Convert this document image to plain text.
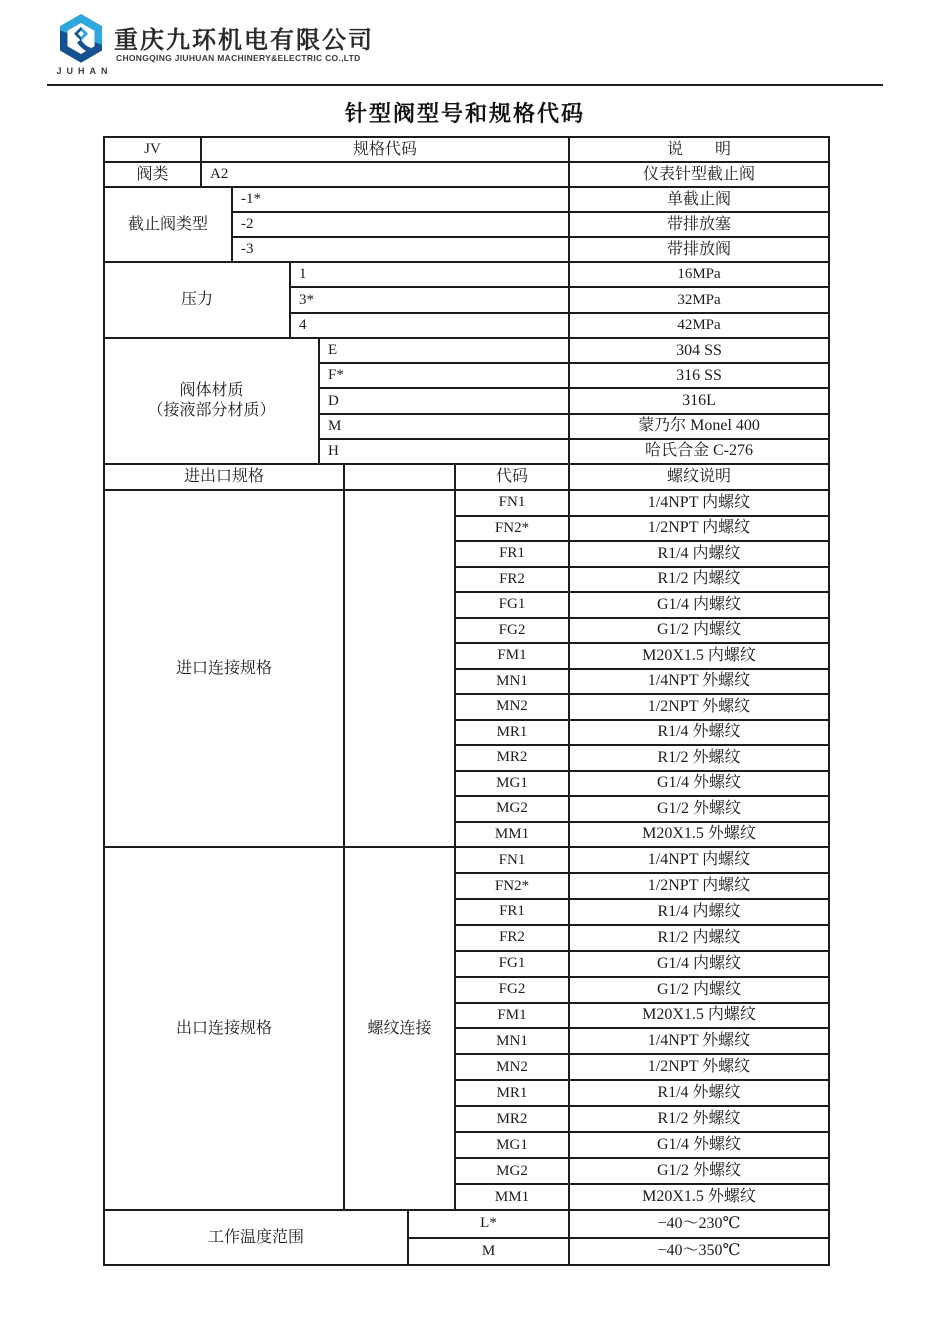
JUHAN
重庆九环机电有限公司
CHONGQING JIUHUAN MACHINERY&ELECTRIC CO.,LTD
针型阀型号和规格代码
JV	规格代码	说　　明
阀类	A2	仪表针型截止阀
截止阀类型
-1*	单截止阀
-2	带排放塞
-3	带排放阀
压力
1	16MPa
3*	32MPa
4	42MPa
阀体材质
（接液部分材质）
E	304 SS
F*	316 SS
D	316L
M	蒙乃尔 Monel 400
H	哈氏合金 C-276
进出口规格	代码	螺纹说明
进口连接规格
FN1	1/4NPT 内螺纹
FN2*	1/2NPT 内螺纹
FR1	R1/4 内螺纹
FR2	R1/2 内螺纹
FG1	G1/4 内螺纹
FG2	G1/2 内螺纹
FM1	M20X1.5 内螺纹
MN1	1/4NPT 外螺纹
MN2	1/2NPT 外螺纹
MR1	R1/4 外螺纹
MR2	R1/2 外螺纹
MG1	G1/4 外螺纹
MG2	G1/2 外螺纹
MM1	M20X1.5 外螺纹
出口连接规格	螺纹连接
FN1	1/4NPT 内螺纹
FN2*	1/2NPT 内螺纹
FR1	R1/4 内螺纹
FR2	R1/2 内螺纹
FG1	G1/4 内螺纹
FG2	G1/2 内螺纹
FM1	M20X1.5 内螺纹
MN1	1/4NPT 外螺纹
MN2	1/2NPT 外螺纹
MR1	R1/4 外螺纹
MR2	R1/2 外螺纹
MG1	G1/4 外螺纹
MG2	G1/2 外螺纹
MM1	M20X1.5 外螺纹
工作温度范围
L*	−40～230℃
M	−40～350℃
